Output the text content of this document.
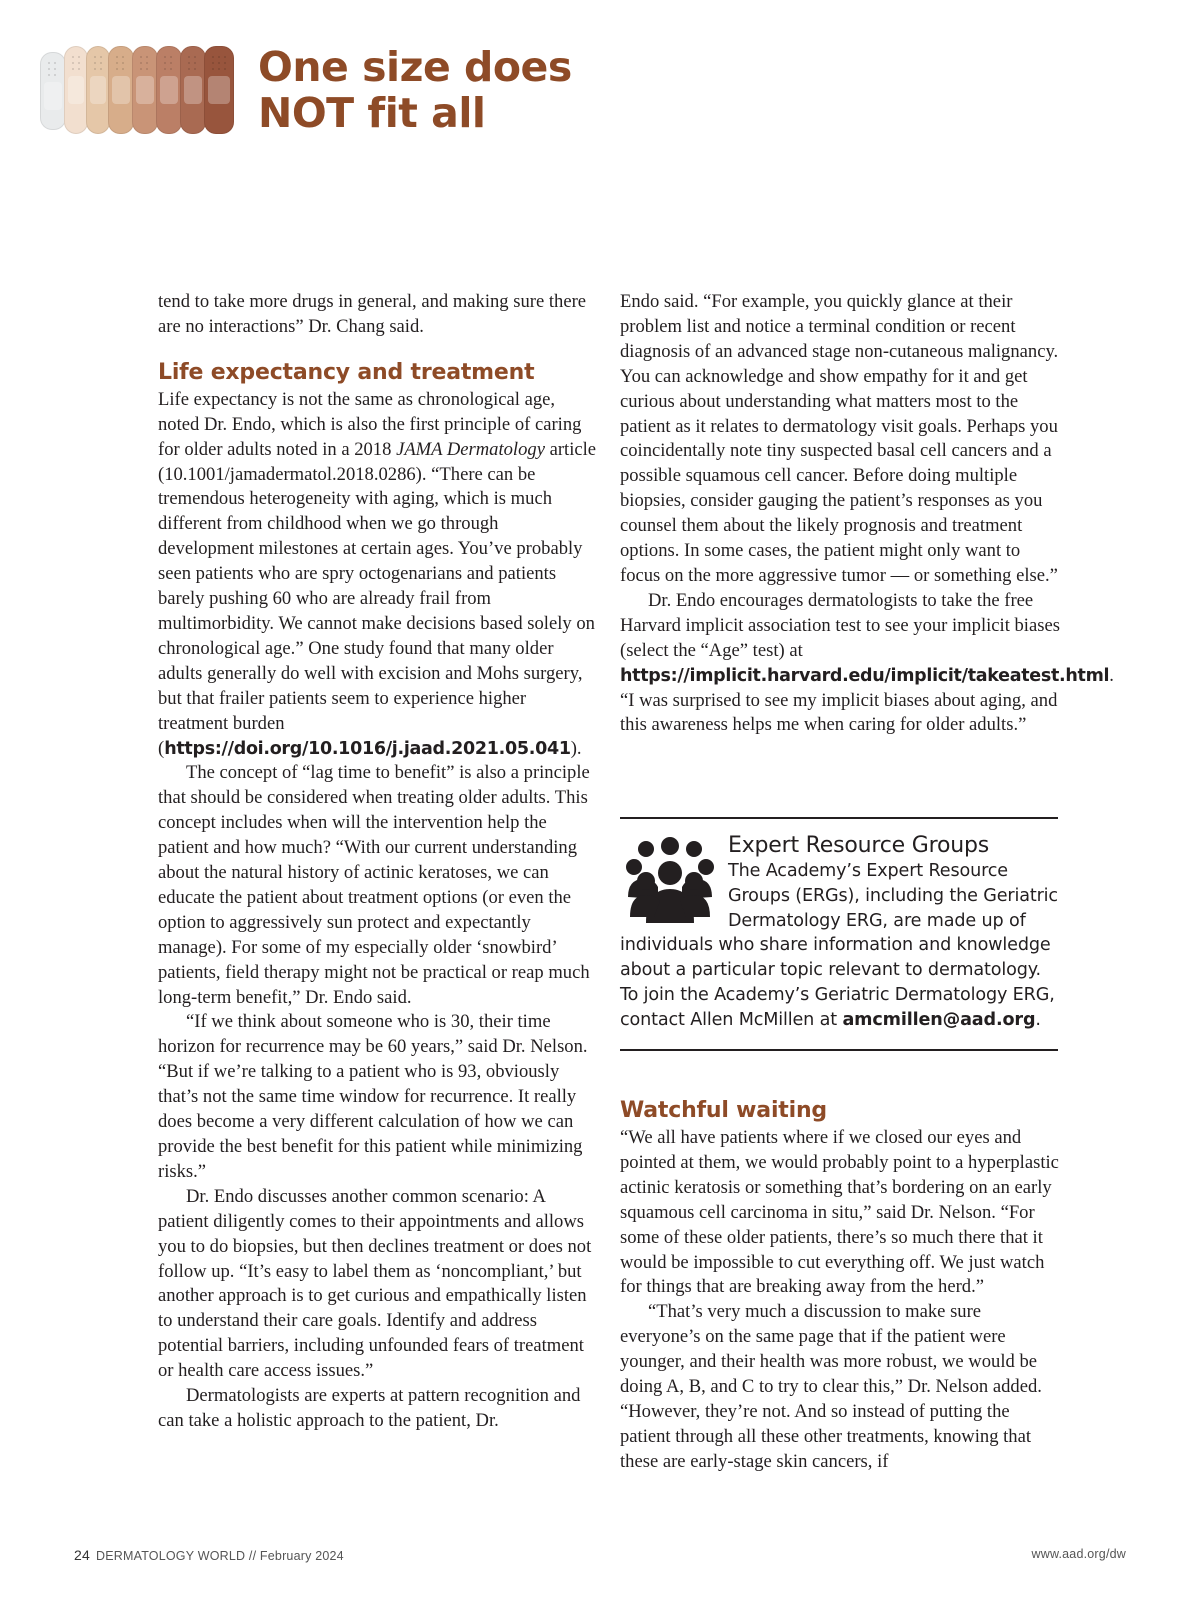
One size does
NOT fit all

tend to take more drugs in general, and making sure there are no interactions” Dr. Chang said.

Life expectancy and treatment

Life expectancy is not the same as chronological age, noted Dr. Endo, which is also the first principle of caring for older adults noted in a 2018 JAMA Dermatology article (10.1001/jamadermatol.2018.0286). “There can be tremendous heterogeneity with aging, which is much different from childhood when we go through development milestones at certain ages. You’ve probably seen patients who are spry octogenarians and patients barely pushing 60 who are already frail from multimorbidity. We cannot make decisions based solely on chronological age.” One study found that many older adults generally do well with excision and Mohs surgery, but that frailer patients seem to experience higher treatment burden (https://doi.org/10.1016/j.jaad.2021.05.041).

The concept of “lag time to benefit” is also a principle that should be considered when treating older adults. This concept includes when will the intervention help the patient and how much? “With our current understanding about the natural history of actinic keratoses, we can educate the patient about treatment options (or even the option to aggressively sun protect and expectantly manage). For some of my especially older ‘snowbird’ patients, field therapy might not be practical or reap much long-term benefit,” Dr. Endo said.

“If we think about someone who is 30, their time horizon for recurrence may be 60 years,” said Dr. Nelson. “But if we’re talking to a patient who is 93, obviously that’s not the same time window for recurrence. It really does become a very different calculation of how we can provide the best benefit for this patient while minimizing risks.”

Dr. Endo discusses another common scenario: A patient diligently comes to their appointments and allows you to do biopsies, but then declines treatment or does not follow up. “It’s easy to label them as ‘noncompliant,’ but another approach is to get curious and empathically listen to understand their care goals. Identify and address potential barriers, including unfounded fears of treatment or health care access issues.”

Dermatologists are experts at pattern recognition and can take a holistic approach to the patient, Dr.

Endo said. “For example, you quickly glance at their problem list and notice a terminal condition or recent diagnosis of an advanced stage non-cutaneous malignancy. You can acknowledge and show empathy for it and get curious about understanding what matters most to the patient as it relates to dermatology visit goals. Perhaps you coincidentally note tiny suspected basal cell cancers and a possible squamous cell cancer. Before doing multiple biopsies, consider gauging the patient’s responses as you counsel them about the likely prognosis and treatment options. In some cases, the patient might only want to focus on the more aggressive tumor — or something else.”

Dr. Endo encourages dermatologists to take the free Harvard implicit association test to see your implicit biases (select the “Age” test) at https://implicit.harvard.edu/implicit/takeatest.html. “I was surprised to see my implicit biases about aging, and this awareness helps me when caring for older adults.”

Expert Resource Groups
The Academy’s Expert Resource Groups (ERGs), including the Geriatric Dermatology ERG, are made up of individuals who share information and knowledge about a particular topic relevant to dermatology. To join the Academy’s Geriatric Dermatology ERG, contact Allen McMillen at amcmillen@aad.org.
Watchful waiting

“We all have patients where if we closed our eyes and pointed at them, we would probably point to a hyperplastic actinic keratosis or something that’s bordering on an early squamous cell carcinoma in situ,” said Dr. Nelson. “For some of these older patients, there’s so much there that it would be impossible to cut everything off. We just watch for things that are breaking away from the herd.”

“That’s very much a discussion to make sure everyone’s on the same page that if the patient were younger, and their health was more robust, we would be doing A, B, and C to try to clear this,” Dr. Nelson added. “However, they’re not. And so instead of putting the patient through all these other treatments, knowing that these are early-stage skin cancers, if

24 DERMATOLOGY WORLD // February 2024	www.aad.org/dw
